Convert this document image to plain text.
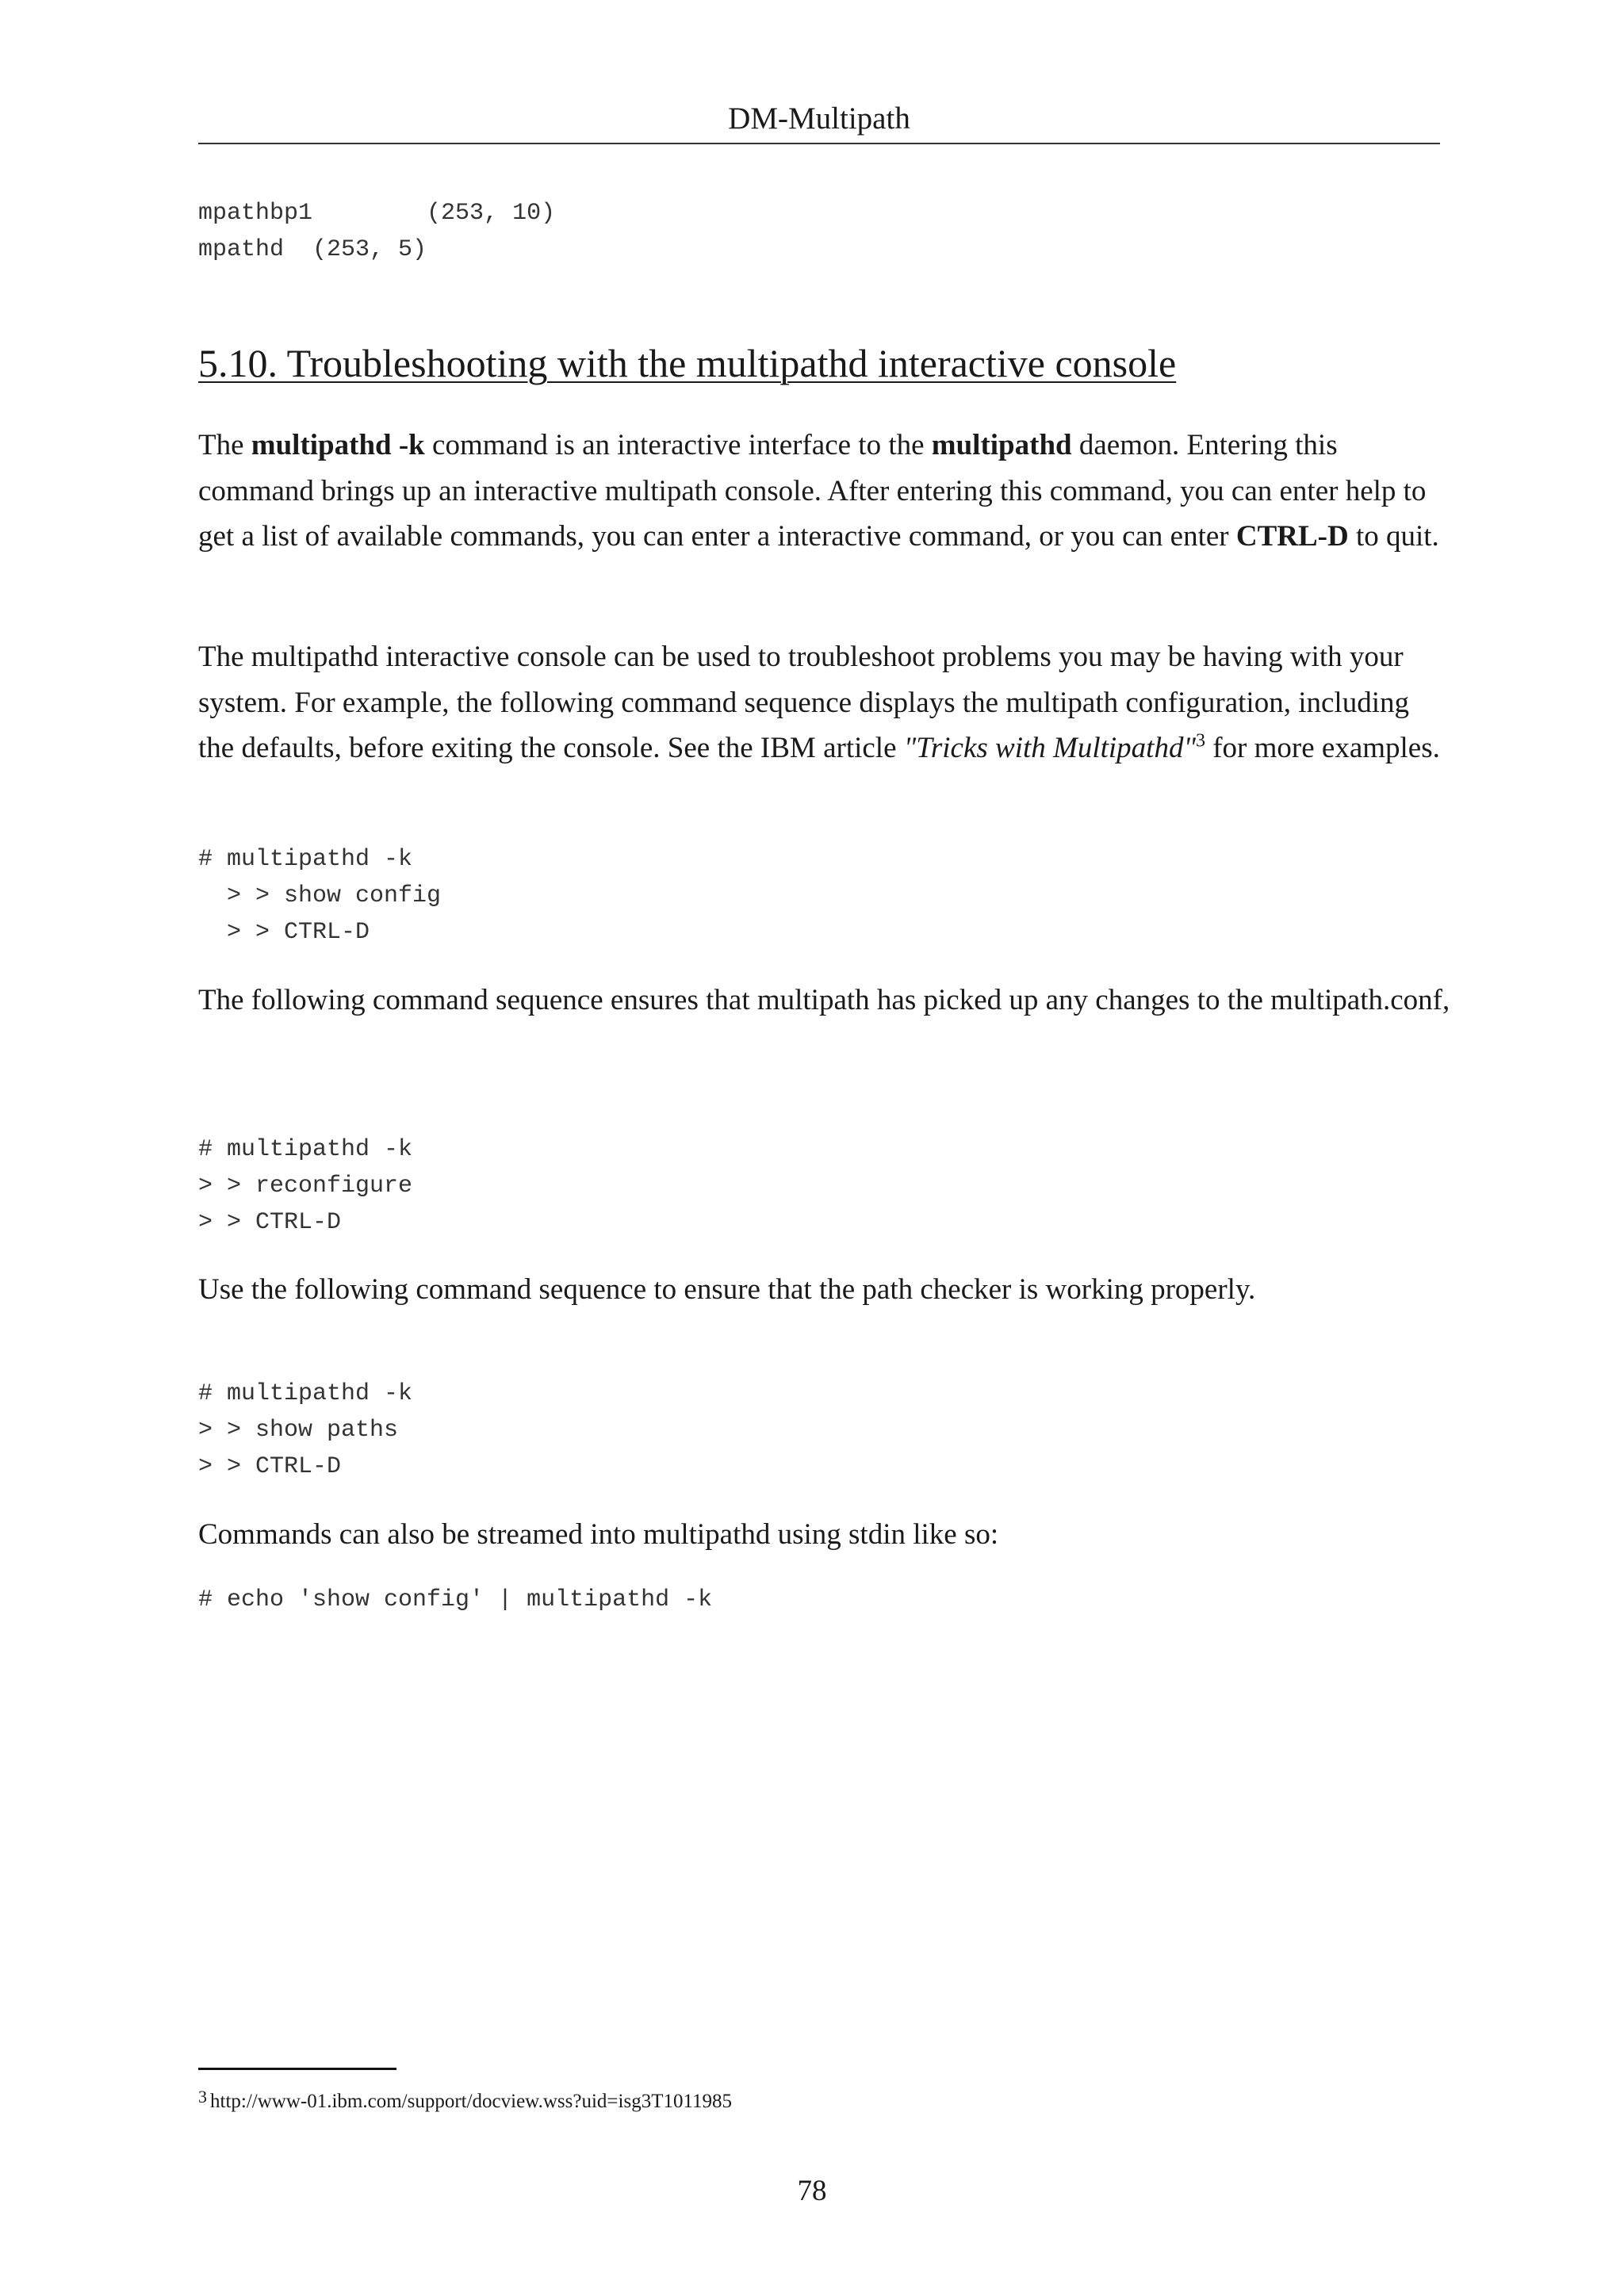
DM-Multipath
mpathbp1        (253, 10)
mpathd  (253, 5)
5.10. Troubleshooting with the multipathd interactive console

The multipathd -k command is an interactive interface to the multipathd daemon. Entering this command brings up an interactive multipath console. After entering this command, you can enter help to get a list of available commands, you can enter a interactive command, or you can enter CTRL-D to quit.

The multipathd interactive console can be used to troubleshoot problems you may be having with your system. For example, the following command sequence displays the multipath configuration, including the defaults, before exiting the console. See the IBM article "Tricks with Multipathd"$^3$ for more examples.

# multipathd -k
> > show config
> > CTRL-D

The following command sequence ensures that multipath has picked up any changes to the multipath.conf,

# multipathd -k
> > reconfigure
> > CTRL-D

Use the following command sequence to ensure that the path checker is working properly.

# multipathd -k
> > show paths
> > CTRL-D

Commands can also be streamed into multipathd using stdin like so:

# echo 'show config' | multipathd -k
$^3$ http://www-01.ibm.com/support/docview.wss?uid=isg3T1011985
78
